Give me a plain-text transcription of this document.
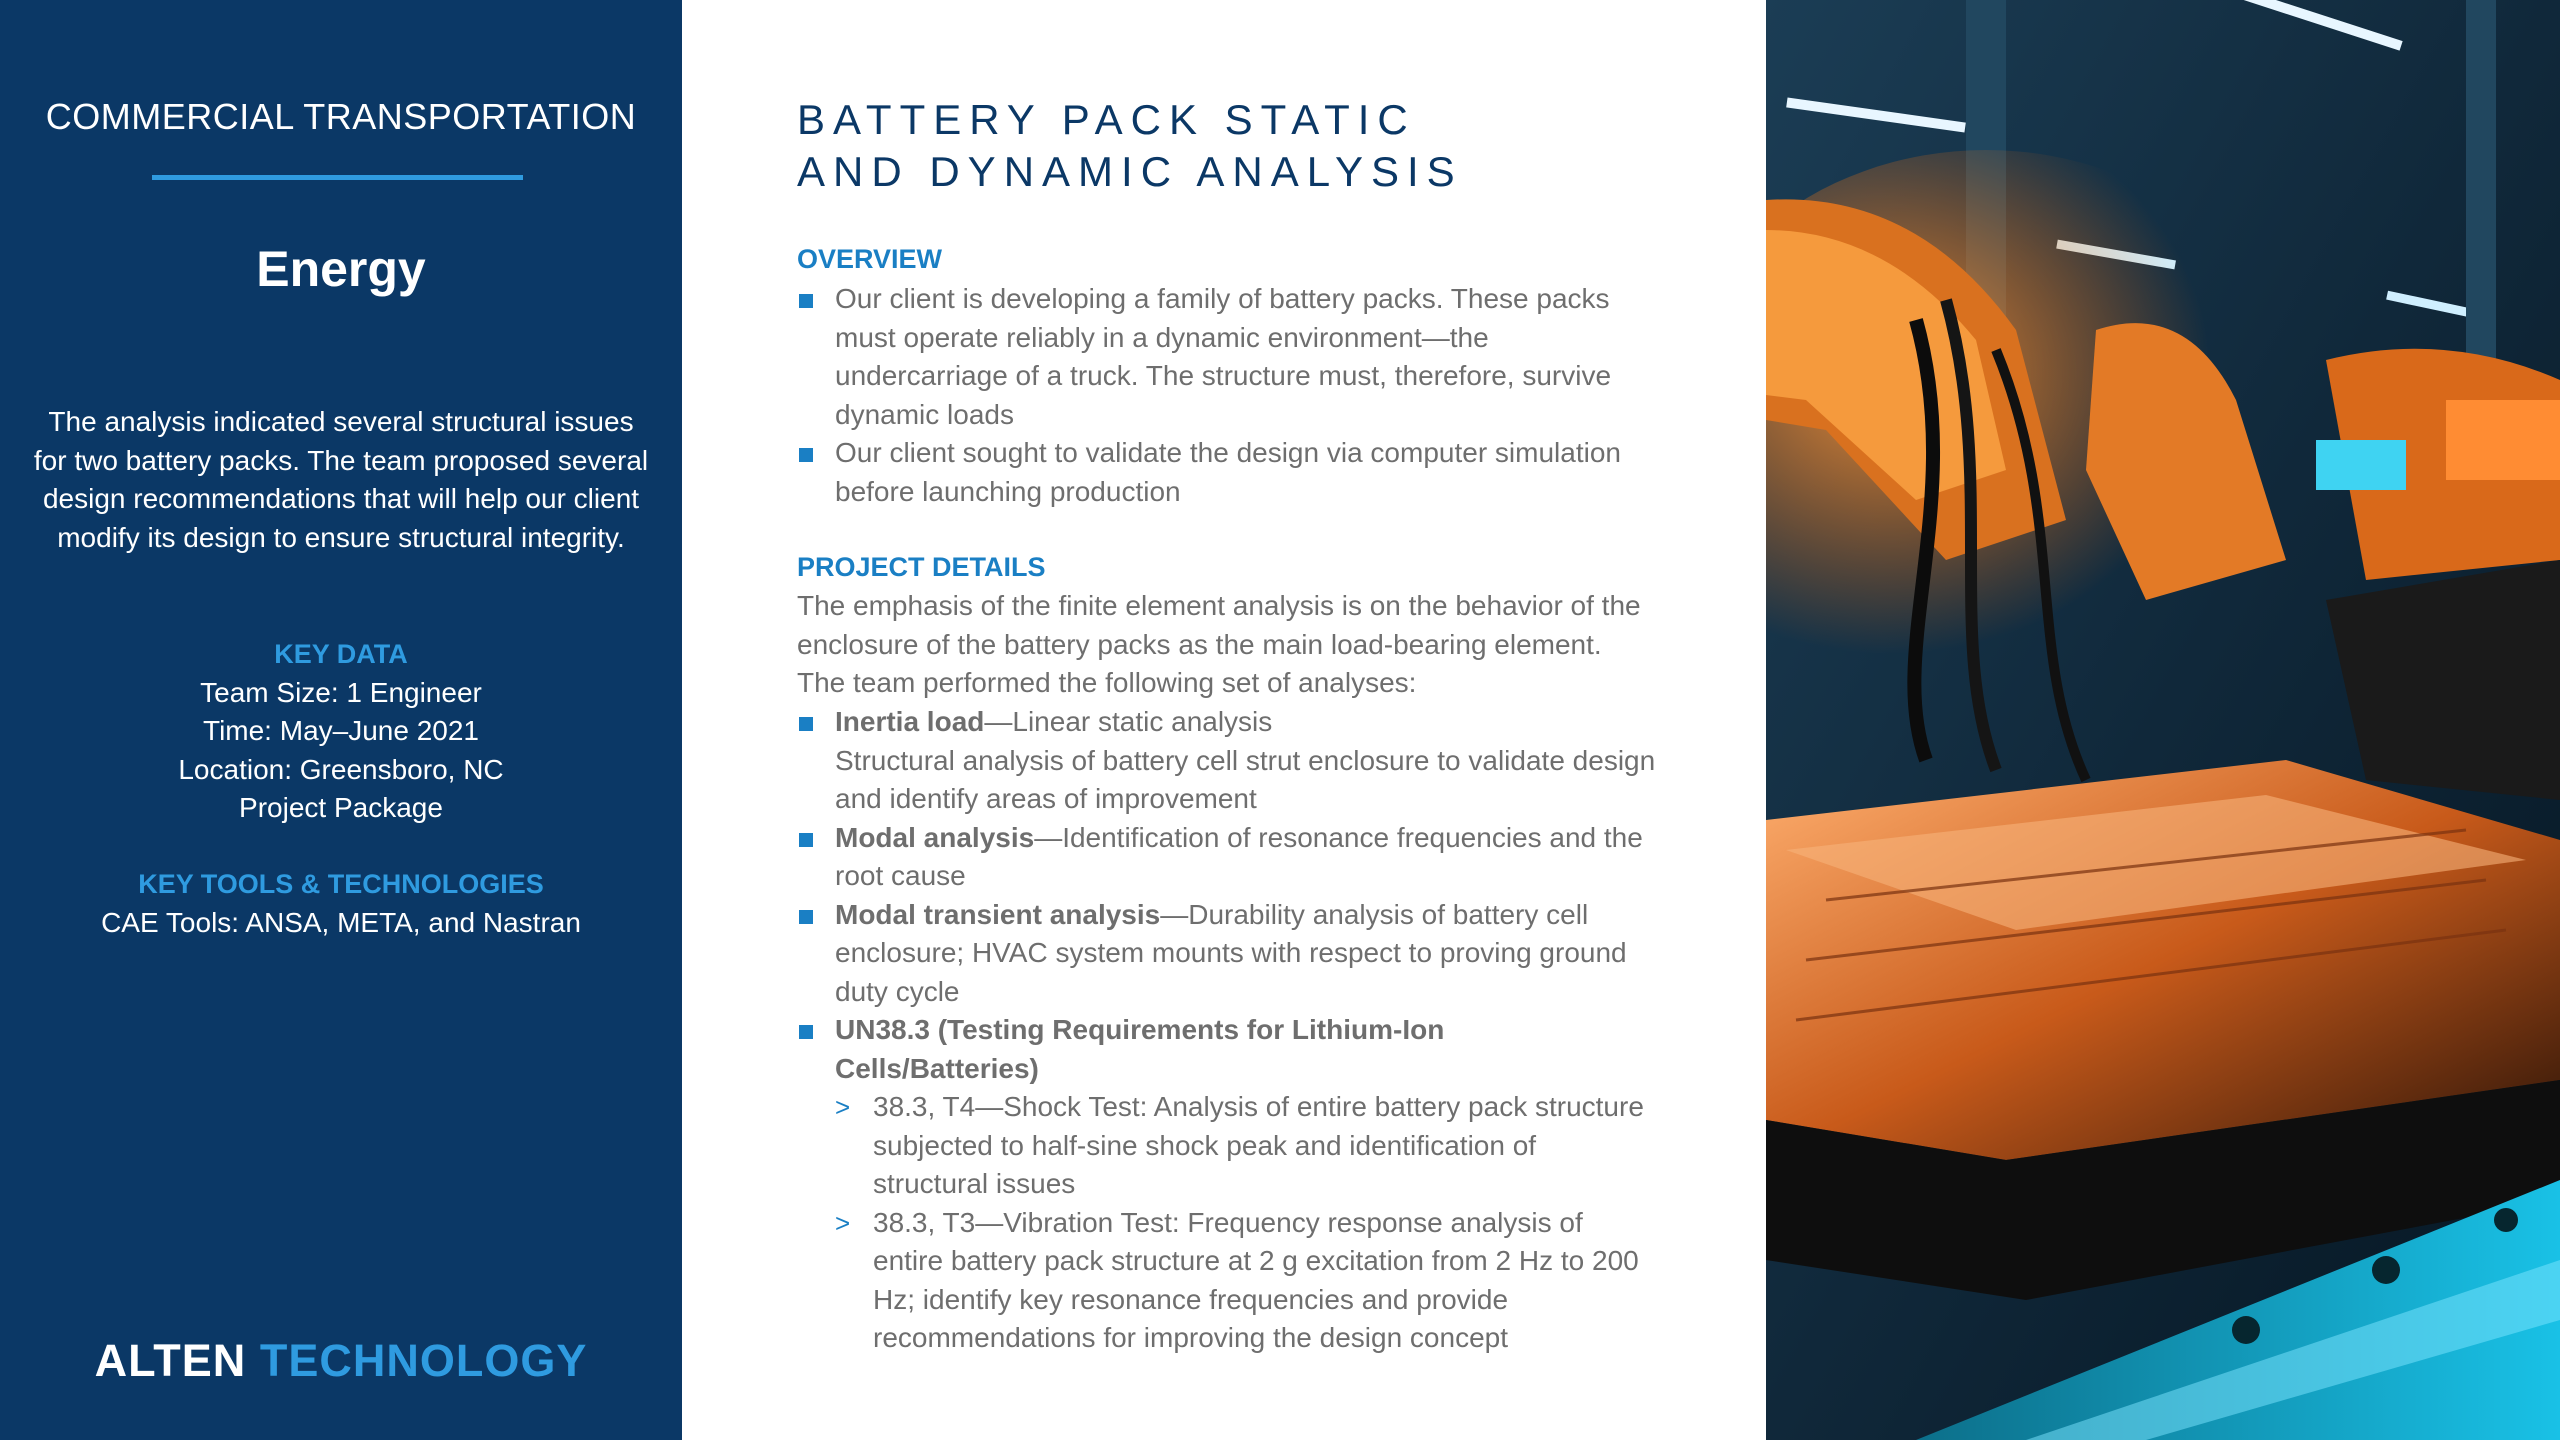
COMMERCIAL TRANSPORTATION
Energy
The analysis indicated several structural issues for two battery packs. The team proposed several design recommendations that will help our client modify its design to ensure structural integrity.
KEY DATA
Team Size: 1 Engineer
Time: May–June 2021
Location: Greensboro, NC
Project Package
KEY TOOLS & TECHNOLOGIES
CAE Tools: ANSA, META, and Nastran
ALTEN TECHNOLOGY
BATTERY PACK STATIC
AND DYNAMIC ANALYSIS
OVERVIEW
Our client is developing a family of battery packs. These packs must operate reliably in a dynamic environment—the undercarriage of a truck. The structure must, therefore, survive dynamic loads
Our client sought to validate the design via computer simulation before launching production
PROJECT DETAILS
The emphasis of the finite element analysis is on the behavior of the enclosure of the battery packs as the main load-bearing element. The team performed the following set of analyses:
Inertia load—Linear static analysis
Structural analysis of battery cell strut enclosure to validate design and identify areas of improvement
Modal analysis—Identification of resonance frequencies and the root cause
Modal transient analysis—Durability analysis of battery cell enclosure; HVAC system mounts with respect to proving ground duty cycle
UN38.3 (Testing Requirements for Lithium-Ion Cells/Batteries)
> 38.3, T4—Shock Test: Analysis of entire battery pack structure subjected to half-sine shock peak and identification of structural issues
> 38.3, T3—Vibration Test: Frequency response analysis of entire battery pack structure at 2 g excitation from 2 Hz to 200 Hz; identify key resonance frequencies and provide recommendations for improving the design concept
